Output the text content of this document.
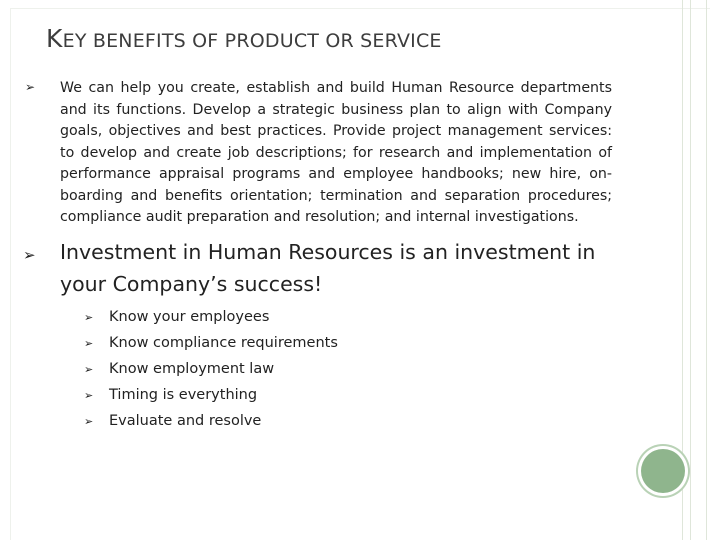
KEY BENEFITS OF PRODUCT OR SERVICE
➢ We can help you create, establish and build Human Resource departments and its functions. Develop a strategic business plan to align with Company goals, objectives and best practices. Provide project management services: to develop and create job descriptions; for research and implementation of performance appraisal programs and employee handbooks; new hire, on-boarding and benefits orientation; termination and separation procedures; compliance audit preparation and resolution; and internal investigations.
➢ Investment in Human Resources is an investment in your Company’s success!
➢	Know your employees
➢	Know compliance requirements
➢	Know employment law
➢	Timing is everything
➢	Evaluate and resolve
